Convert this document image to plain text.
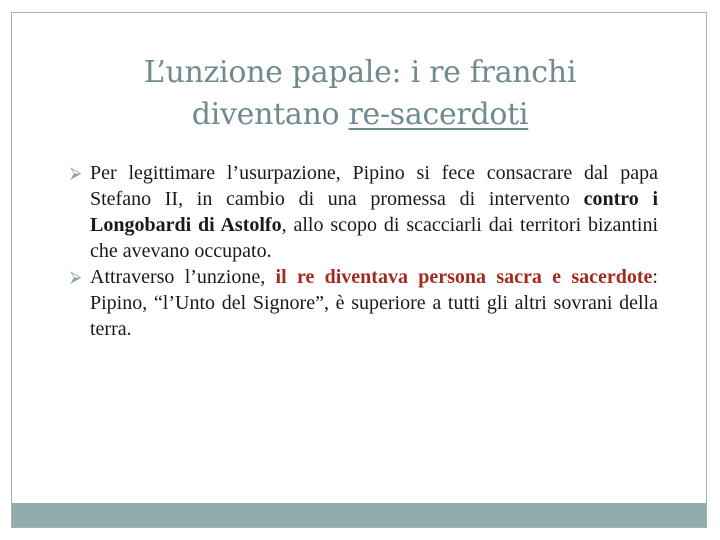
L’unzione papale: i re franchi
diventano re-sacerdoti

⮚ Per legittimare l’usurpazione, Pipino si fece consacrare dal papa Stefano II, in cambio di una promessa di intervento contro i Longobardi di Astolfo, allo scopo di scacciarli dai territori bizantini che avevano occupato.

⮚ Attraverso l’unzione, il re diventava persona sacra e sacerdote: Pipino, “l’Unto del Signore”, è superiore a tutti gli altri sovrani della terra.
